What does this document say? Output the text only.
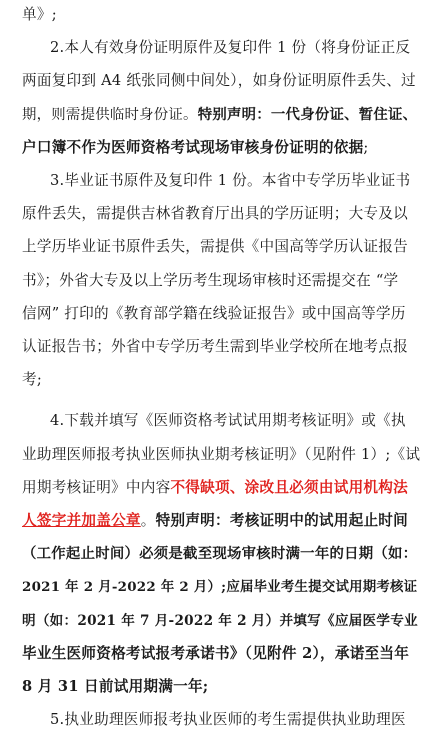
单》;
2.本人有效身份证明原件及复印件 1 份（将身份证正反
两面复印到 A4 纸张同侧中间处），如身份证明原件丢失、过
期，则需提供临时身份证。特别声明：一代身份证、暂住证、
户口簿不作为医师资格考试现场审核身份证明的依据;
3.毕业证书原件及复印件 1 份。本省中专学历毕业证书
原件丢失，需提供吉林省教育厅出具的学历证明；大专及以
上学历毕业证书原件丢失，需提供《中国高等学历认证报告
书》；外省大专及以上学历考生现场审核时还需提交在 “学
信网” 打印的《教育部学籍在线验证报告》或中国高等学历
认证报告书；外省中专学历考生需到毕业学校所在地考点报
考;
4.下载并填写《医师资格考试试用期考核证明》或《执
业助理医师报考执业医师执业期考核证明》（见附件 1）;《试
用期考核证明》中内容不得缺项、涂改且必须由试用机构法
人签字并加盖公章。特别声明：考核证明中的试用起止时间
（工作起止时间）必须是截至现场审核时满一年的日期（如：
2021 年 2 月-2022 年 2 月）;应届毕业考生提交试用期考核证
明（如：2021 年 7 月-2022 年 2 月）并填写《应届医学专业
毕业生医师资格考试报考承诺书》（见附件 2），承诺至当年
8 月 31 日前试用期满一年;
5.执业助理医师报考执业医师的考生需提供执业助理医
